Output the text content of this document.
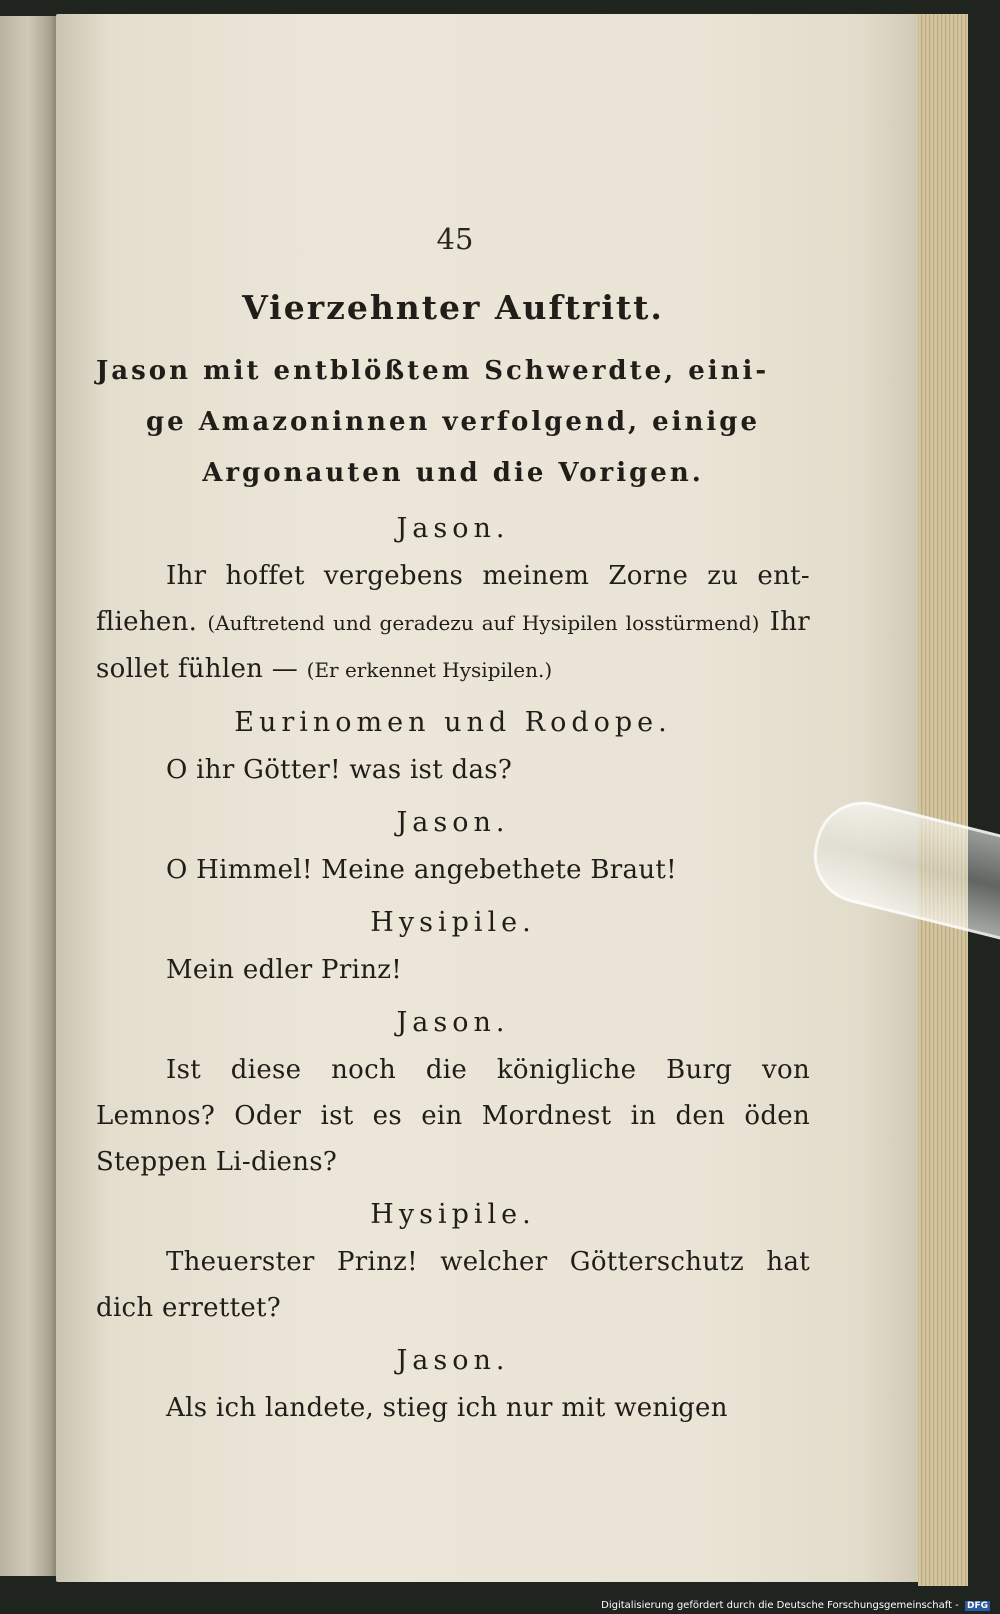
45
Vierzehnter Auftritt.

Jason mit entblößtem Schwerdte, eini-
ge Amazoninnen verfolgend, einige
Argonauten und die Vorigen.

Jason.

Ihr hoffet vergebens meinem Zorne zu ent-fliehen. (Auftretend und geradezu auf Hysipilen losstürmend) Ihr sollet fühlen — (Er erkennet Hysipilen.)

Eurinomen und Rodope.

O ihr Götter! was ist das?

Jason.

O Himmel! Meine angebethete Braut!

Hysipile.

Mein edler Prinz!

Jason.

Ist diese noch die königliche Burg von Lemnos? Oder ist es ein Mordnest in den öden Steppen Li-diens?

Hysipile.

Theuerster Prinz! welcher Götterschutz hat dich errettet?

Jason.

Als ich landete, stieg ich nur mit wenigen

Digitalisierung gefördert durch die Deutsche Forschungsgemeinschaft - DFG
